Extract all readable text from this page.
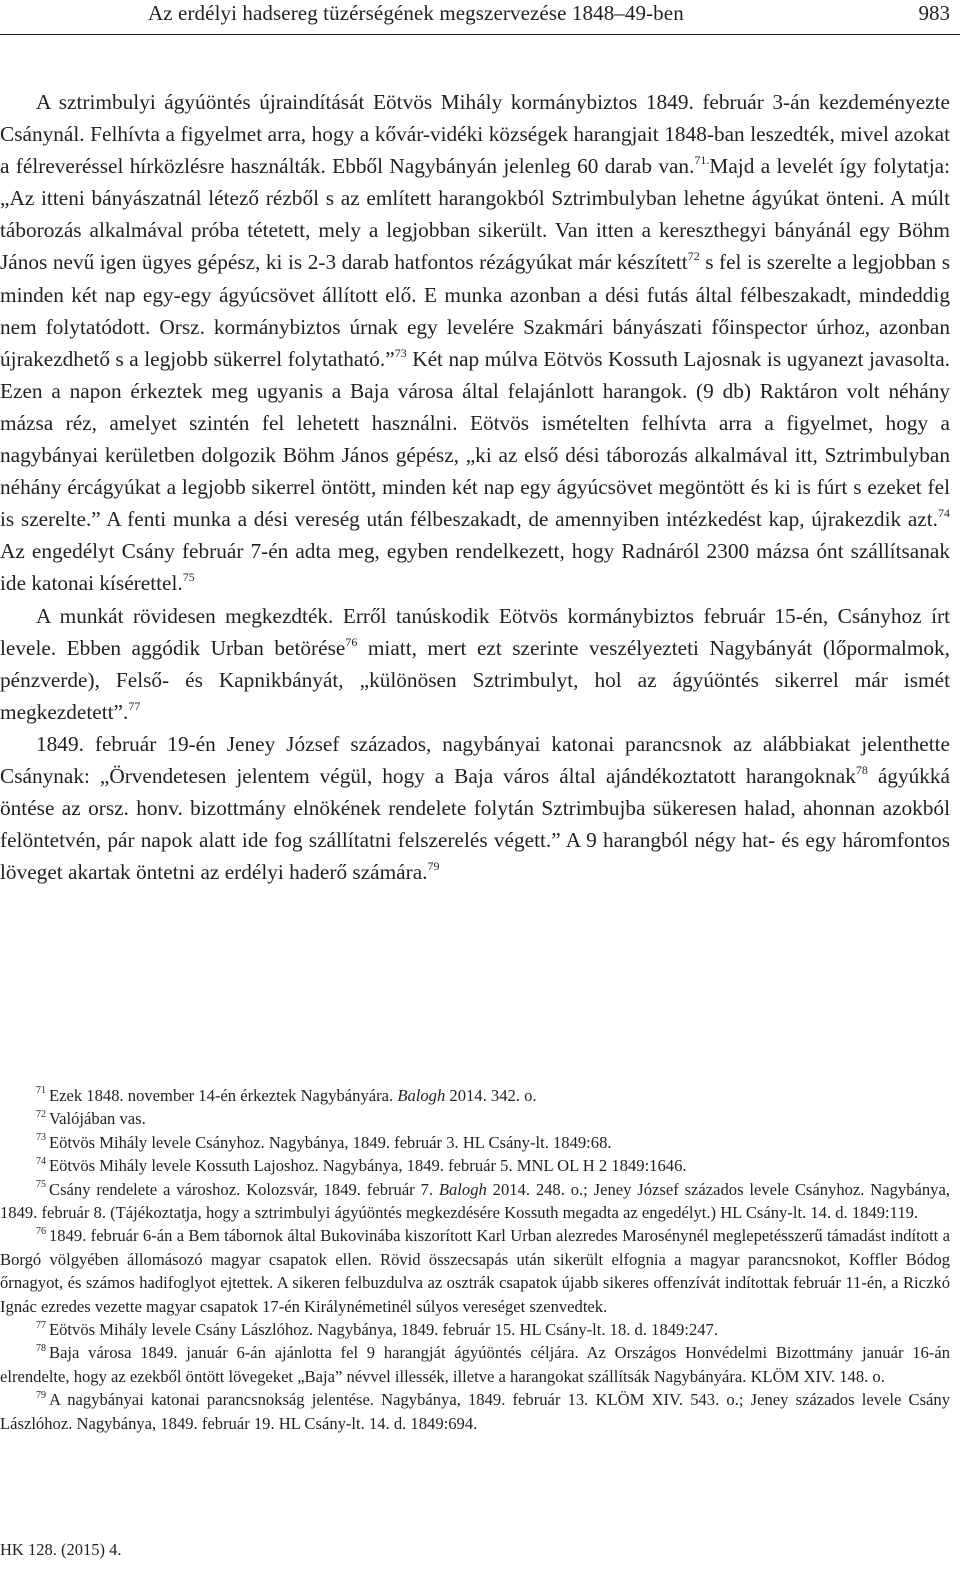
Az erdélyi hadsereg tüzérségének megszervezése 1848–49-ben	983

A sztrimbulyi ágyúöntés újraindítását Eötvös Mihály kormánybiztos 1849. február 3-án kezdeményezte Csánynál. Felhívta a figyelmet arra, hogy a kővár-vidéki községek harangjait 1848-ban leszedték, mivel azokat a félreveréssel hírközlésre használták. Ebből Nagybányán jelenleg 60 darab van.$^{71.}$Majd a levelét így folytatja: „Az itteni bányászatnál létező rézből s az említett harangokból Sztrimbulyban lehetne ágyúkat önteni. A múlt táborozás alkalmával próba tétetett, mely a legjobban sikerült. Van itten a kereszthegyi bányánál egy Böhm János nevű igen ügyes gépész, ki is 2-3 darab hatfontos rézágyúkat már készített$^{72}$ s fel is szerelte a legjobban s minden két nap egy-egy ágyúcsövet állított elő. E munka azonban a dési futás által félbeszakadt, mindeddig nem folytatódott. Orsz. kormánybiztos úrnak egy levelére Szakmári bányászati főinspector úrhoz, azonban újrakezdhető s a legjobb sükerrel folytatható.”$^{73}$ Két nap múlva Eötvös Kossuth Lajosnak is ugyanezt javasolta. Ezen a napon érkeztek meg ugyanis a Baja városa által felajánlott harangok. (9 db) Raktáron volt néhány mázsa réz, amelyet szintén fel lehetett használni. Eötvös ismételten felhívta arra a figyelmet, hogy a nagybányai kerületben dolgozik Böhm János gépész, „ki az első dési táborozás alkalmával itt, Sztrimbulyban néhány ércágyúkat a legjobb sikerrel öntött, minden két nap egy ágyúcsövet megöntött és ki is fúrt s ezeket fel is szerelte.” A fenti munka a dési vereség után félbeszakadt, de amennyiben intézkedést kap, újrakezdik azt.$^{74}$ Az engedélyt Csány február 7-én adta meg, egyben rendelkezett, hogy Radnáról 2300 mázsa ónt szállítsanak ide katonai kísérettel.$^{75}$

A munkát rövidesen megkezdték. Erről tanúskodik Eötvös kormánybiztos február 15-én, Csányhoz írt levele. Ebben aggódik Urban betörése$^{76}$ miatt, mert ezt szerinte veszélyezteti Nagybányát (lőpormalmok, pénzverde), Felső- és Kapnikbányát, „különösen Sztrimbulyt, hol az ágyúöntés sikerrel már ismét megkezdetett”.$^{77}$

1849. február 19-én Jeney József százados, nagybányai katonai parancsnok az alábbiakat jelenthette Csánynak: „Örvendetesen jelentem végül, hogy a Baja város által ajándékoztatott harangoknak$^{78}$ ágyúkká öntése az orsz. honv. bizottmány elnökének rendelete folytán Sztrimbujba sükeresen halad, ahonnan azokból felöntetvén, pár napok alatt ide fog szállítatni felszerelés végett.” A 9 harangból négy hat- és egy háromfontos löveget akartak öntetni az erdélyi haderő számára.$^{79}$

$^{71}$ Ezek 1848. november 14-én érkeztek Nagybányára. Balogh 2014. 342. o.

$^{72}$ Valójában vas.

$^{73}$ Eötvös Mihály levele Csányhoz. Nagybánya, 1849. február 3. HL Csány-lt. 1849:68.

$^{74}$ Eötvös Mihály levele Kossuth Lajoshoz. Nagybánya, 1849. február 5. MNL OL H 2 1849:1646.

$^{75}$ Csány rendelete a városhoz. Kolozsvár, 1849. február 7. Balogh 2014. 248. o.; Jeney József százados levele Csányhoz. Nagybánya, 1849. február 8. (Tájékoztatja, hogy a sztrimbulyi ágyúöntés megkezdésére Kossuth megadta az engedélyt.) HL Csány-lt. 14. d. 1849:119.

$^{76}$ 1849. február 6-án a Bem tábornok által Bukovinába kiszorított Karl Urban alezredes Marosénynél meglepetésszerű támadást indított a Borgó völgyében állomásozó magyar csapatok ellen. Rövid összecsapás után sikerült elfognia a magyar parancsnokot, Koffler Bódog őrnagyot, és számos hadifoglyot ejtettek. A sikeren felbuzdulva az osztrák csapatok újabb sikeres offenzívát indítottak február 11-én, a Riczkó Ignác ezredes vezette magyar csapatok 17-én Királynémetinél súlyos vereséget szenvedtek.

$^{77}$ Eötvös Mihály levele Csány Lászlóhoz. Nagybánya, 1849. február 15. HL Csány-lt. 18. d. 1849:247.

$^{78}$ Baja városa 1849. január 6-án ajánlotta fel 9 harangját ágyúöntés céljára. Az Országos Honvédelmi Bizottmány január 16-án elrendelte, hogy az ezekből öntött lövegeket „Baja” névvel illessék, illetve a harangokat szállítsák Nagybányára. KLÖM XIV. 148. o.

$^{79}$ A nagybányai katonai parancsnokság jelentése. Nagybánya, 1849. február 13. KLÖM XIV. 543. o.; Jeney százados levele Csány Lászlóhoz. Nagybánya, 1849. február 19. HL Csány-lt. 14. d. 1849:694.

HK 128. (2015) 4.
